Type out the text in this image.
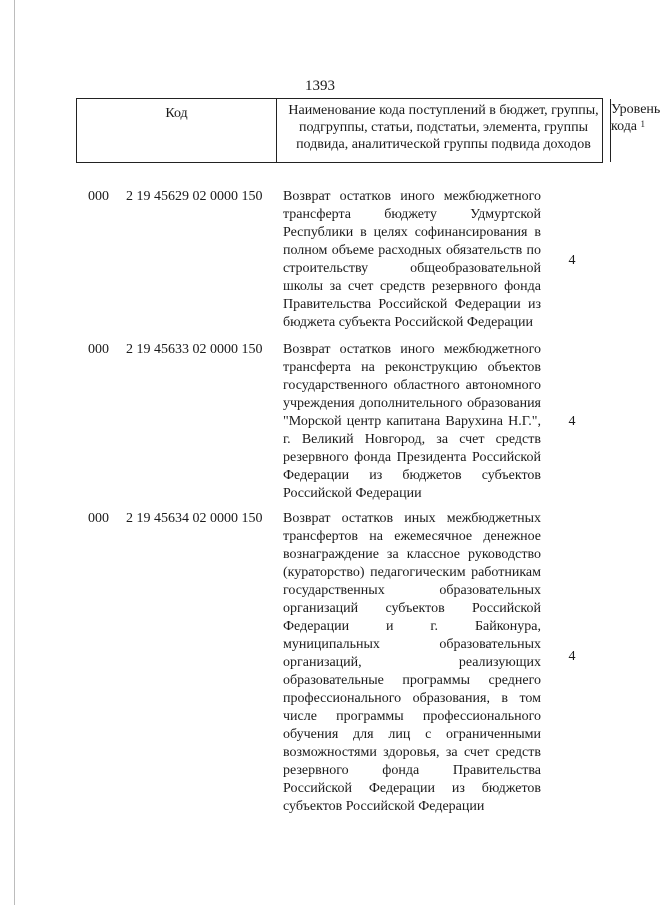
1393
Код	Наименование кода поступлений в бюджет, группы, подгруппы, статьи, подстатьи, элемента, группы подвида, аналитической группы подвида доходов
Уровень кода $^1$
000 2 19 45629 02 0000 150 Возврат остатков иного межбюджетного трансферта бюджету Удмуртской Республики в целях софинансирования в полном объеме расходных обязательств по строительству общеобразовательной школы за счет средств резервного фонда Правительства Российской Федерации из бюджета субъекта Российской Федерации
4
000 2 19 45633 02 0000 150 Возврат остатков иного межбюджетного трансферта на реконструкцию объектов государственного областного автономного учреждения дополнительного образования "Морской центр капитана Варухина Н.Г.", г. Великий Новгород, за счет средств резервного фонда Президента Российской Федерации из бюджетов субъектов Российской Федерации
4
000 2 19 45634 02 0000 150 Возврат остатков иных межбюджетных трансфертов на ежемесячное денежное вознаграждение за классное руководство (кураторство) педагогическим работникам государственных образовательных организаций субъектов Российской Федерации и г. Байконура, муниципальных образовательных организаций, реализующих образовательные программы среднего профессионального образования, в том числе программы профессионального обучения для лиц с ограниченными возможностями здоровья, за счет средств резервного фонда Правительства Российской Федерации из бюджетов субъектов Российской Федерации
4
